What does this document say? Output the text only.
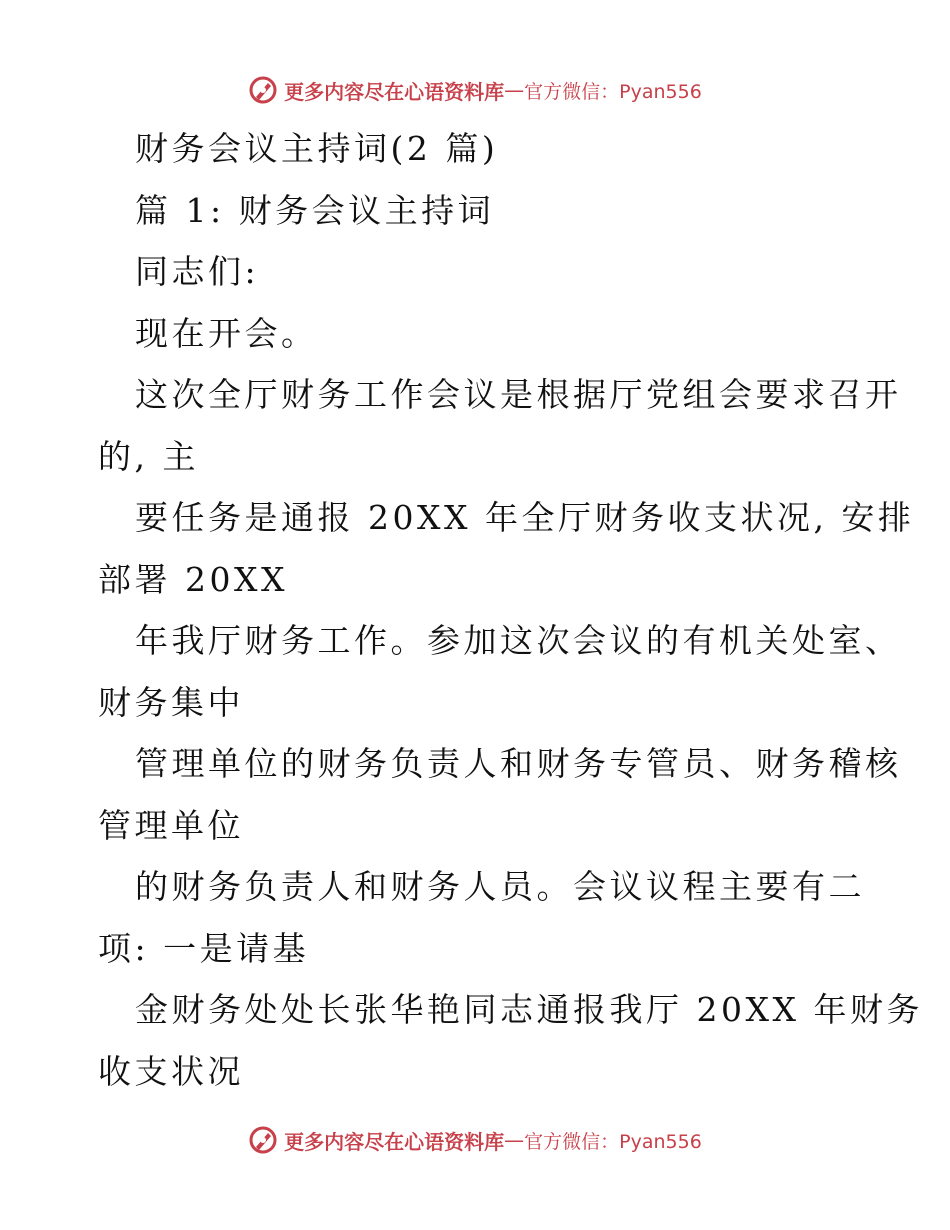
更多内容尽在心语资料库 — 官方微信：Pyan556
财务会议主持词(2 篇)
篇 1: 财务会议主持词
同志们:
现在开会。
这次全厅财务工作会议是根据厅党组会要求召开
的, 主
要任务是通报 20XX 年全厅财务收支状况, 安排
部署 20XX
年我厅财务工作。参加这次会议的有机关处室、
财务集中
管理单位的财务负责人和财务专管员、财务稽核
管理单位
的财务负责人和财务人员。会议议程主要有二
项: 一是请基
金财务处处长张华艳同志通报我厅 20XX 年财务
收支状况
更多内容尽在心语资料库 — 官方微信：Pyan556
